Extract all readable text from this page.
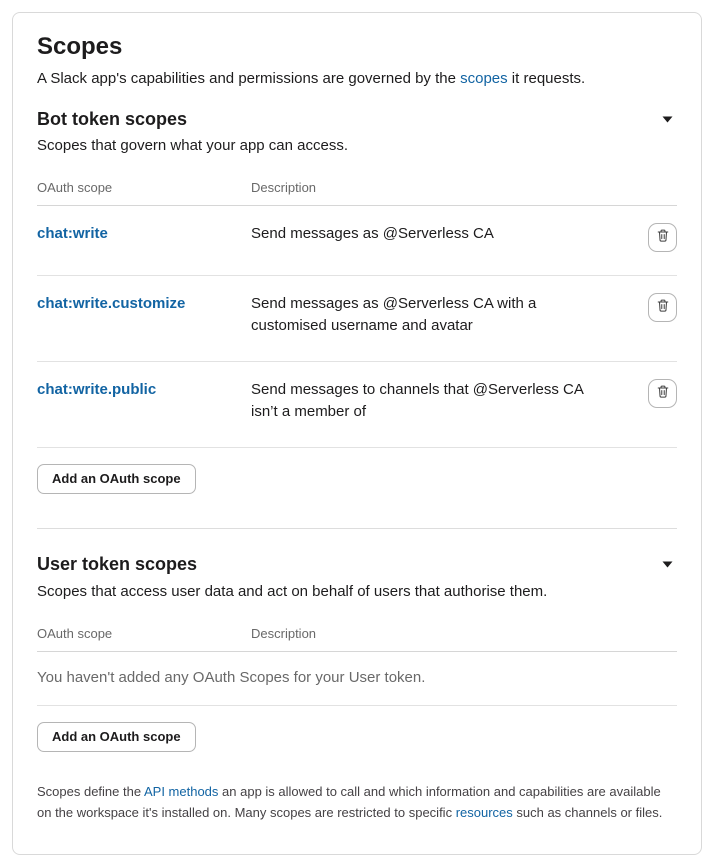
Scopes

A Slack app's capabilities and permissions are governed by the scopes it requests.

Bot token scopes

Scopes that govern what your app can access.

OAuth scope	Description
chat:write	Send messages as @Serverless CA
chat:write.customize	Send messages as @Serverless CA with a customised username and avatar
chat:write.public	Send messages to channels that @Serverless CA isn’t a member of
Add an OAuth scope
User token scopes

Scopes that access user data and act on behalf of users that authorise them.

OAuth scope	Description
You haven't added any OAuth Scopes for your User token.
Add an OAuth scope

Scopes define the API methods an app is allowed to call and which information and capabilities are available on the workspace it's installed on. Many scopes are restricted to specific resources such as channels or files.
